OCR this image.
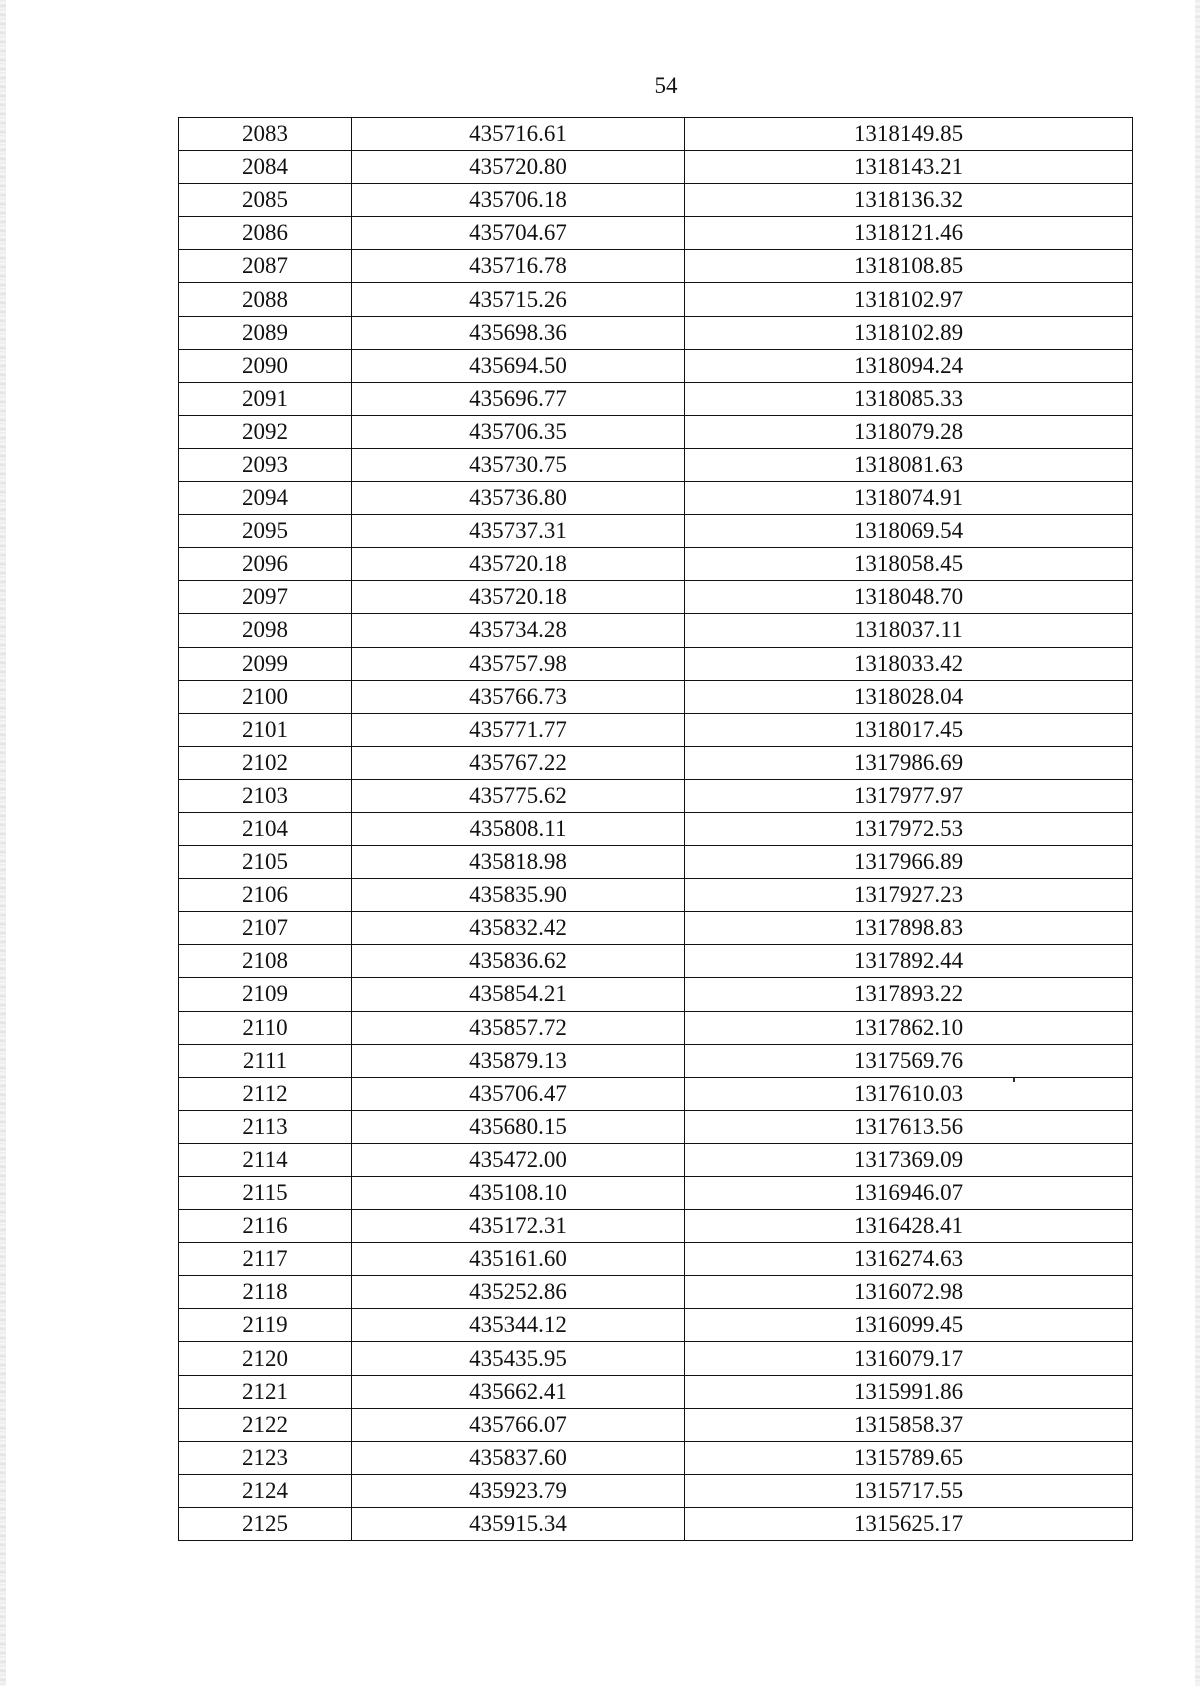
54
2083	435716.61	1318149.85
2084	435720.80	1318143.21
2085	435706.18	1318136.32
2086	435704.67	1318121.46
2087	435716.78	1318108.85
2088	435715.26	1318102.97
2089	435698.36	1318102.89
2090	435694.50	1318094.24
2091	435696.77	1318085.33
2092	435706.35	1318079.28
2093	435730.75	1318081.63
2094	435736.80	1318074.91
2095	435737.31	1318069.54
2096	435720.18	1318058.45
2097	435720.18	1318048.70
2098	435734.28	1318037.11
2099	435757.98	1318033.42
2100	435766.73	1318028.04
2101	435771.77	1318017.45
2102	435767.22	1317986.69
2103	435775.62	1317977.97
2104	435808.11	1317972.53
2105	435818.98	1317966.89
2106	435835.90	1317927.23
2107	435832.42	1317898.83
2108	435836.62	1317892.44
2109	435854.21	1317893.22
2110	435857.72	1317862.10
2111	435879.13	1317569.76
2112	435706.47	1317610.03
2113	435680.15	1317613.56
2114	435472.00	1317369.09
2115	435108.10	1316946.07
2116	435172.31	1316428.41
2117	435161.60	1316274.63
2118	435252.86	1316072.98
2119	435344.12	1316099.45
2120	435435.95	1316079.17
2121	435662.41	1315991.86
2122	435766.07	1315858.37
2123	435837.60	1315789.65
2124	435923.79	1315717.55
2125	435915.34	1315625.17
